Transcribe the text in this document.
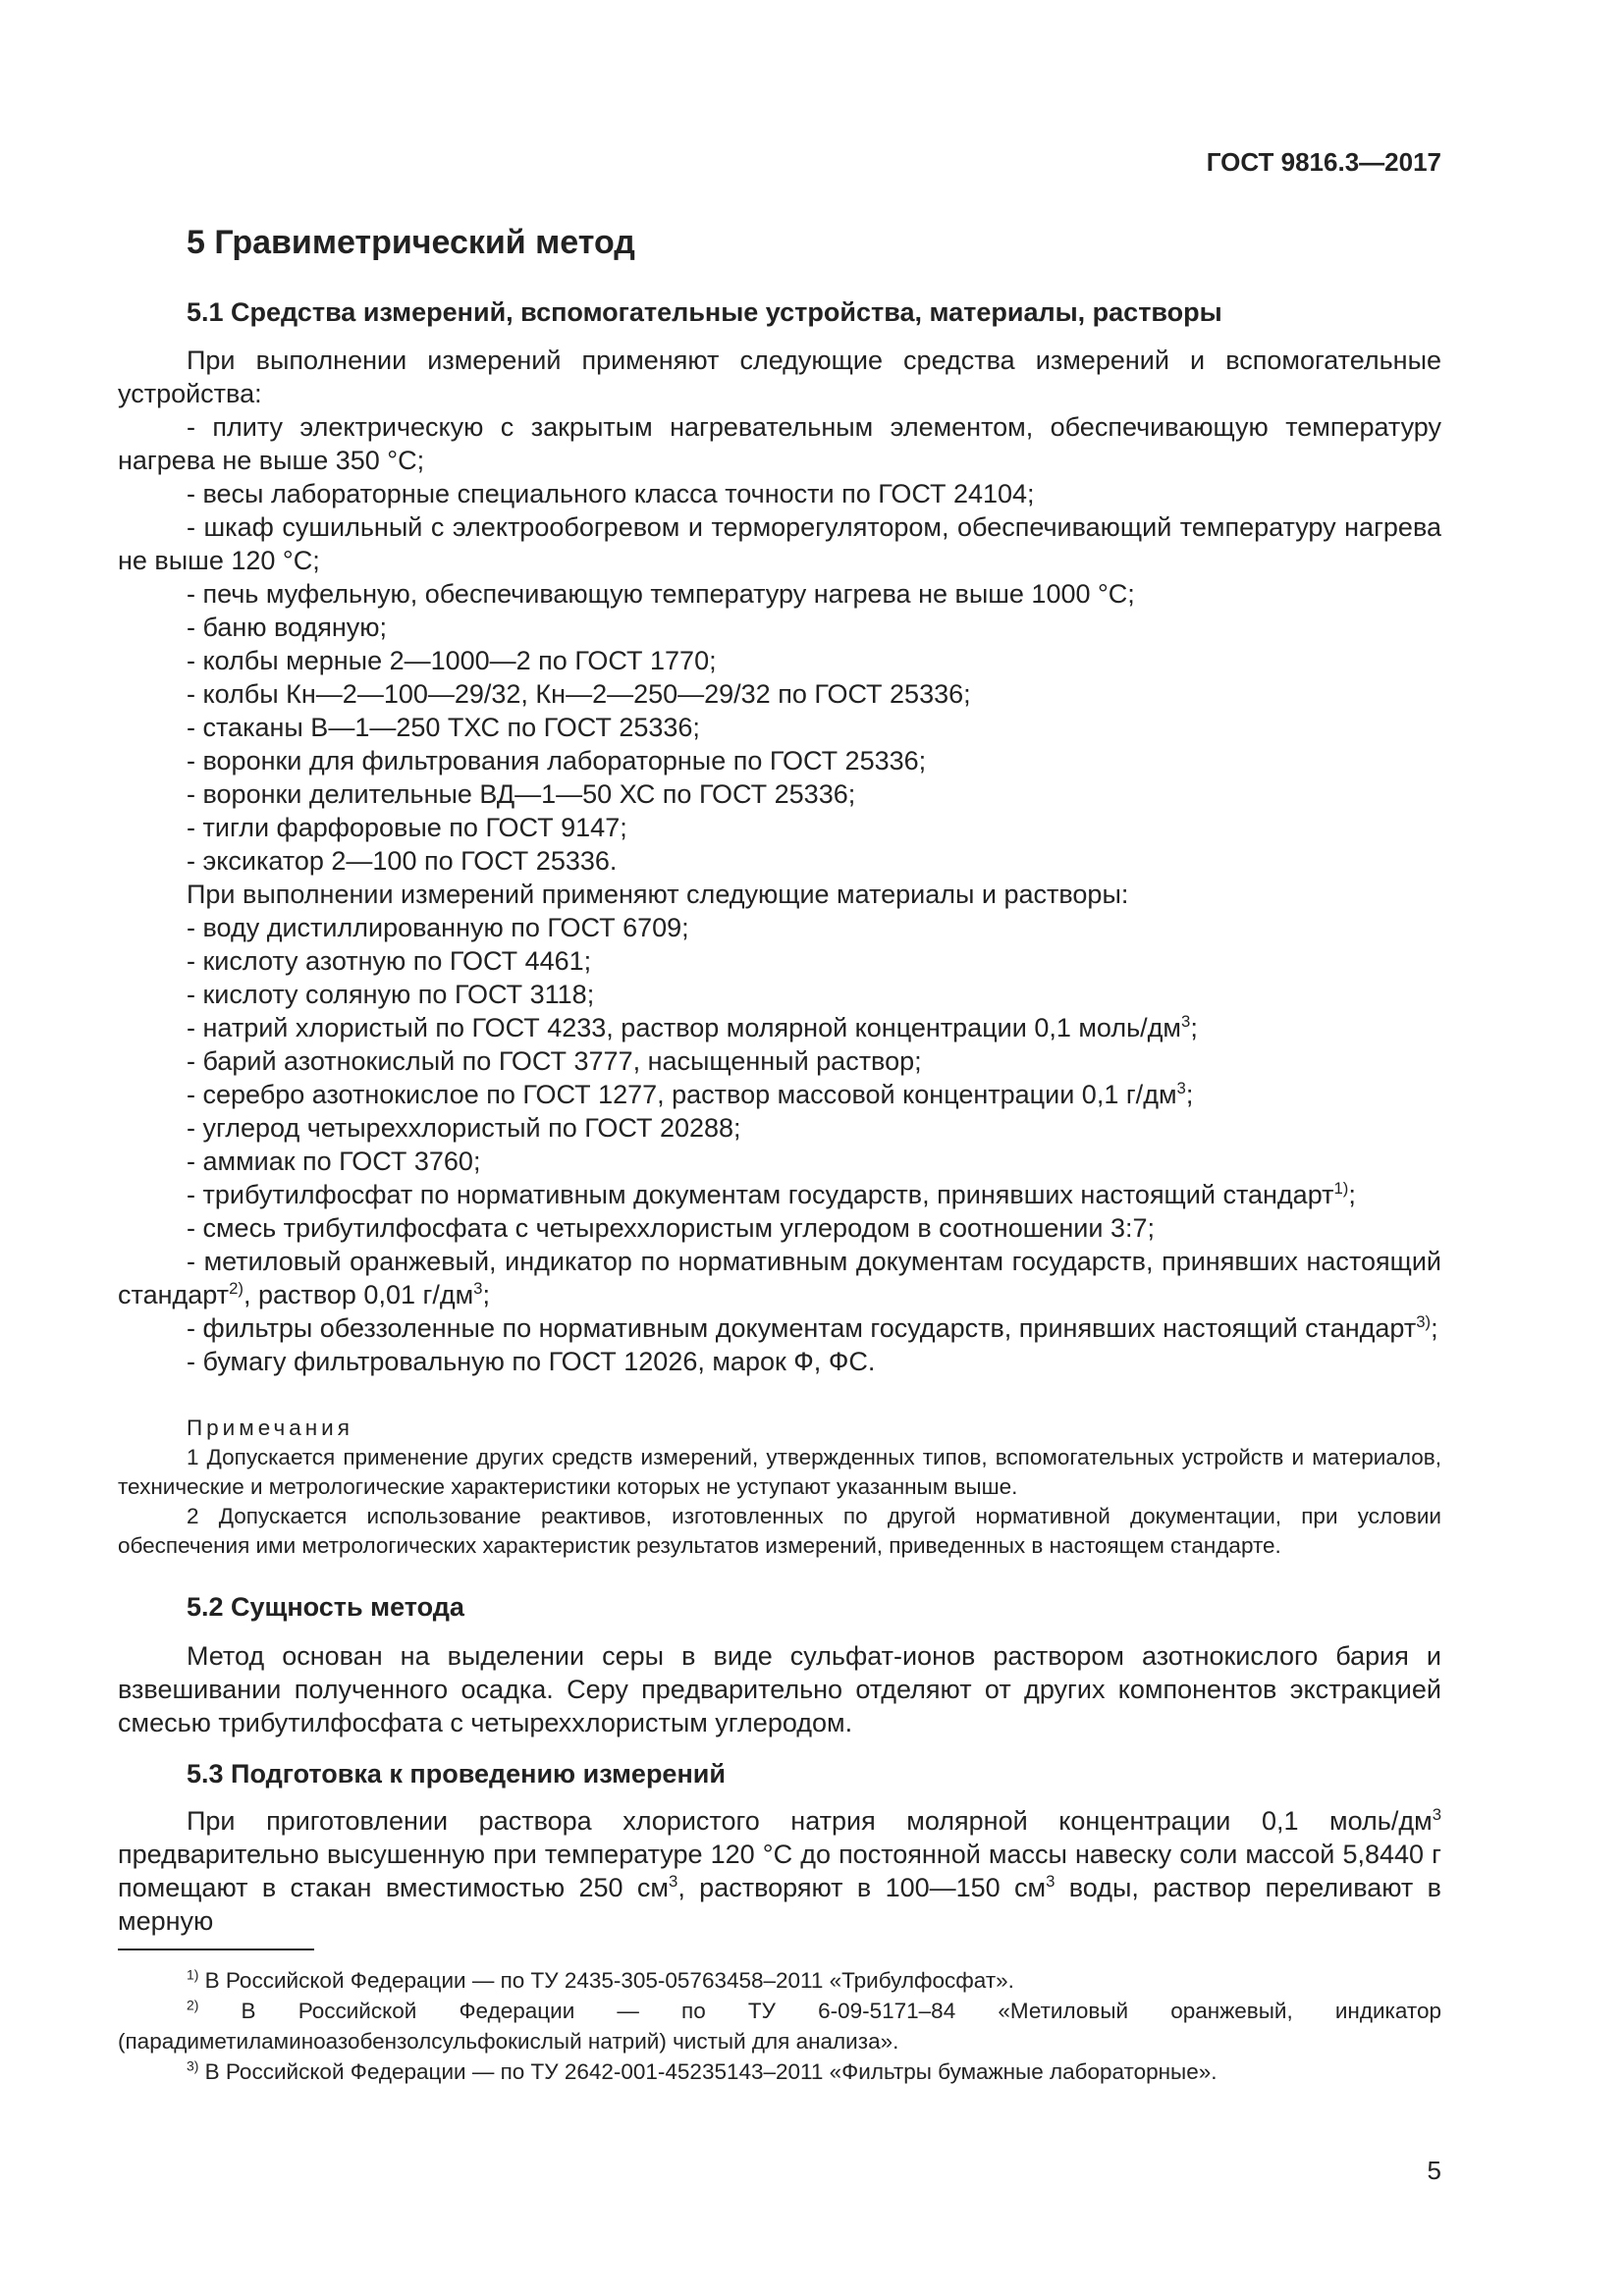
ГОСТ 9816.3—2017
5 Гравиметрический метод
5.1 Средства измерений, вспомогательные устройства, материалы, растворы

При выполнении измерений применяют следующие средства измерений и вспомогательные устройства:

- плиту электрическую с закрытым нагревательным элементом, обеспечивающую температуру нагрева не выше 350 °С;

- весы лабораторные специального класса точности по ГОСТ 24104;

- шкаф сушильный с электрообогревом и терморегулятором, обеспечивающий температуру нагрева не выше 120 °С;

- печь муфельную, обеспечивающую температуру нагрева не выше 1000 °С;

- баню водяную;

- колбы мерные 2—1000—2 по ГОСТ 1770;

- колбы Кн—2—100—29/32, Кн—2—250—29/32 по ГОСТ 25336;

- стаканы В—1—250 ТХС по ГОСТ 25336;

- воронки для фильтрования лабораторные по ГОСТ 25336;

- воронки делительные ВД—1—50 ХС по ГОСТ 25336;

- тигли фарфоровые по ГОСТ 9147;

- эксикатор 2—100 по ГОСТ 25336.

При выполнении измерений применяют следующие материалы и растворы:

- воду дистиллированную по ГОСТ 6709;

- кислоту азотную по ГОСТ 4461;

- кислоту соляную по ГОСТ 3118;

- натрий хлористый по ГОСТ 4233, раствор молярной концентрации 0,1 моль/$дм^3$;

- барий азотнокислый по ГОСТ 3777, насыщенный раствор;

- серебро азотнокислое по ГОСТ 1277, раствор массовой концентрации 0,1 $г/дм^3$;

- углерод четыреххлористый по ГОСТ 20288;

- аммиак по ГОСТ 3760;

- трибутилфосфат по нормативным документам государств, принявших настоящий стандарт$^{1)}$;

- смесь трибутилфосфата с четыреххлористым углеродом в соотношении 3:7;

- метиловый оранжевый, индикатор по нормативным документам государств, принявших настоящий стандарт$^{2)}$, раствор 0,01 $г/дм^3$;

- фильтры обеззоленные по нормативным документам государств, принявших настоящий стандарт$^{3)}$;

- бумагу фильтровальную по ГОСТ 12026, марок Ф, ФС.

Примечания

1 Допускается применение других средств измерений, утвержденных типов, вспомогательных устройств и материалов, технические и метрологические характеристики которых не уступают указанным выше.

2 Допускается использование реактивов, изготовленных по другой нормативной документации, при условии обеспечения ими метрологических характеристик результатов измерений, приведенных в настоящем стандарте.

5.2 Сущность метода

Метод основан на выделении серы в виде сульфат-ионов раствором азотнокислого бария и взвешивании полученного осадка. Серу предварительно отделяют от других компонентов экстракцией смесью трибутилфосфата с четыреххлористым углеродом.

5.3 Подготовка к проведению измерений

При приготовлении раствора хлористого натрия молярной концентрации 0,1 моль/$дм^3$ предварительно высушенную при температуре 120 °С до постоянной массы навеску соли массой 5,8440 г помещают в стакан вместимостью 250 $см^3$, растворяют в 100—150 $см^3$ воды, раствор переливают в мерную

$^{1)}$ В Российской Федерации — по ТУ 2435-305-05763458–2011 «Трибулфосфат».

$^{2)}$ В Российской Федерации — по ТУ 6-09-5171–84 «Метиловый оранжевый, индикатор (парадиметиламиноазобензолсульфокислый натрий) чистый для анализа».

$^{3)}$ В Российской Федерации — по ТУ 2642-001-45235143–2011 «Фильтры бумажные лабораторные».

5
